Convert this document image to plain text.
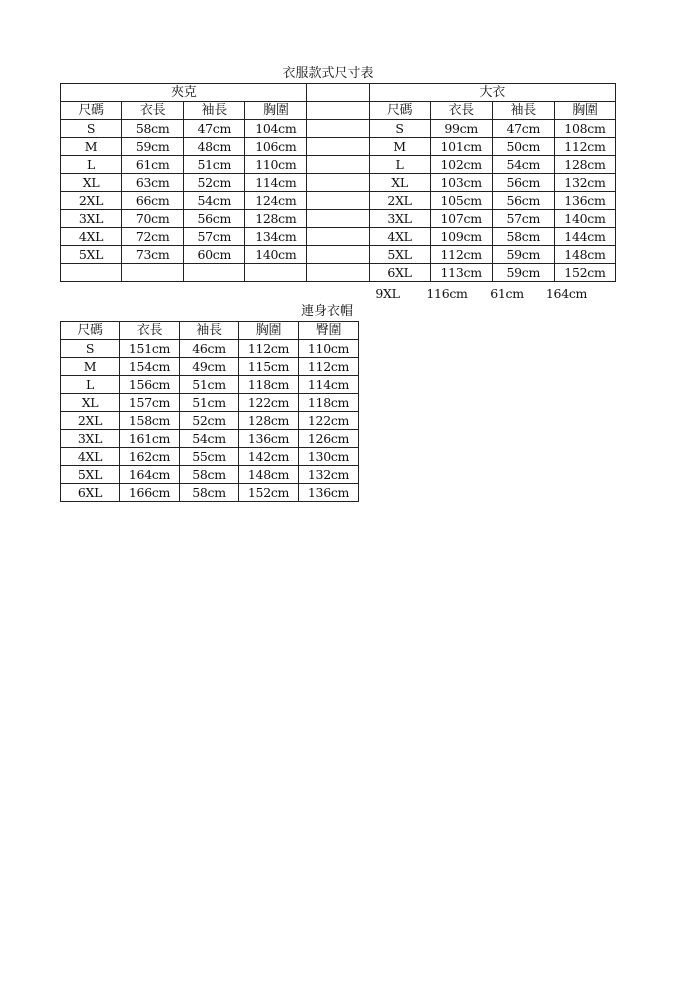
衣服款式尺寸表
夾克					大衣			
尺碼	衣長	袖長	胸圍		尺碼	衣長	袖長	胸圍
S	58cm	47cm	104cm		S	99cm	47cm	108cm
M	59cm	48cm	106cm		M	101cm	50cm	112cm
L	61cm	51cm	110cm		L	102cm	54cm	128cm
XL	63cm	52cm	114cm		XL	103cm	56cm	132cm
2XL	66cm	54cm	124cm		2XL	105cm	56cm	136cm
3XL	70cm	56cm	128cm		3XL	107cm	57cm	140cm
4XL	72cm	57cm	134cm		4XL	109cm	58cm	144cm
5XL	73cm	60cm	140cm		5XL	112cm	59cm	148cm
					6XL	113cm	59cm	152cm
9XL	116cm	61cm	164cm
連身衣帽
尺碼	衣長	袖長	胸圍	臀圍
S	151cm	46cm	112cm	110cm
M	154cm	49cm	115cm	112cm
L	156cm	51cm	118cm	114cm
XL	157cm	51cm	122cm	118cm
2XL	158cm	52cm	128cm	122cm
3XL	161cm	54cm	136cm	126cm
4XL	162cm	55cm	142cm	130cm
5XL	164cm	58cm	148cm	132cm
6XL	166cm	58cm	152cm	136cm
